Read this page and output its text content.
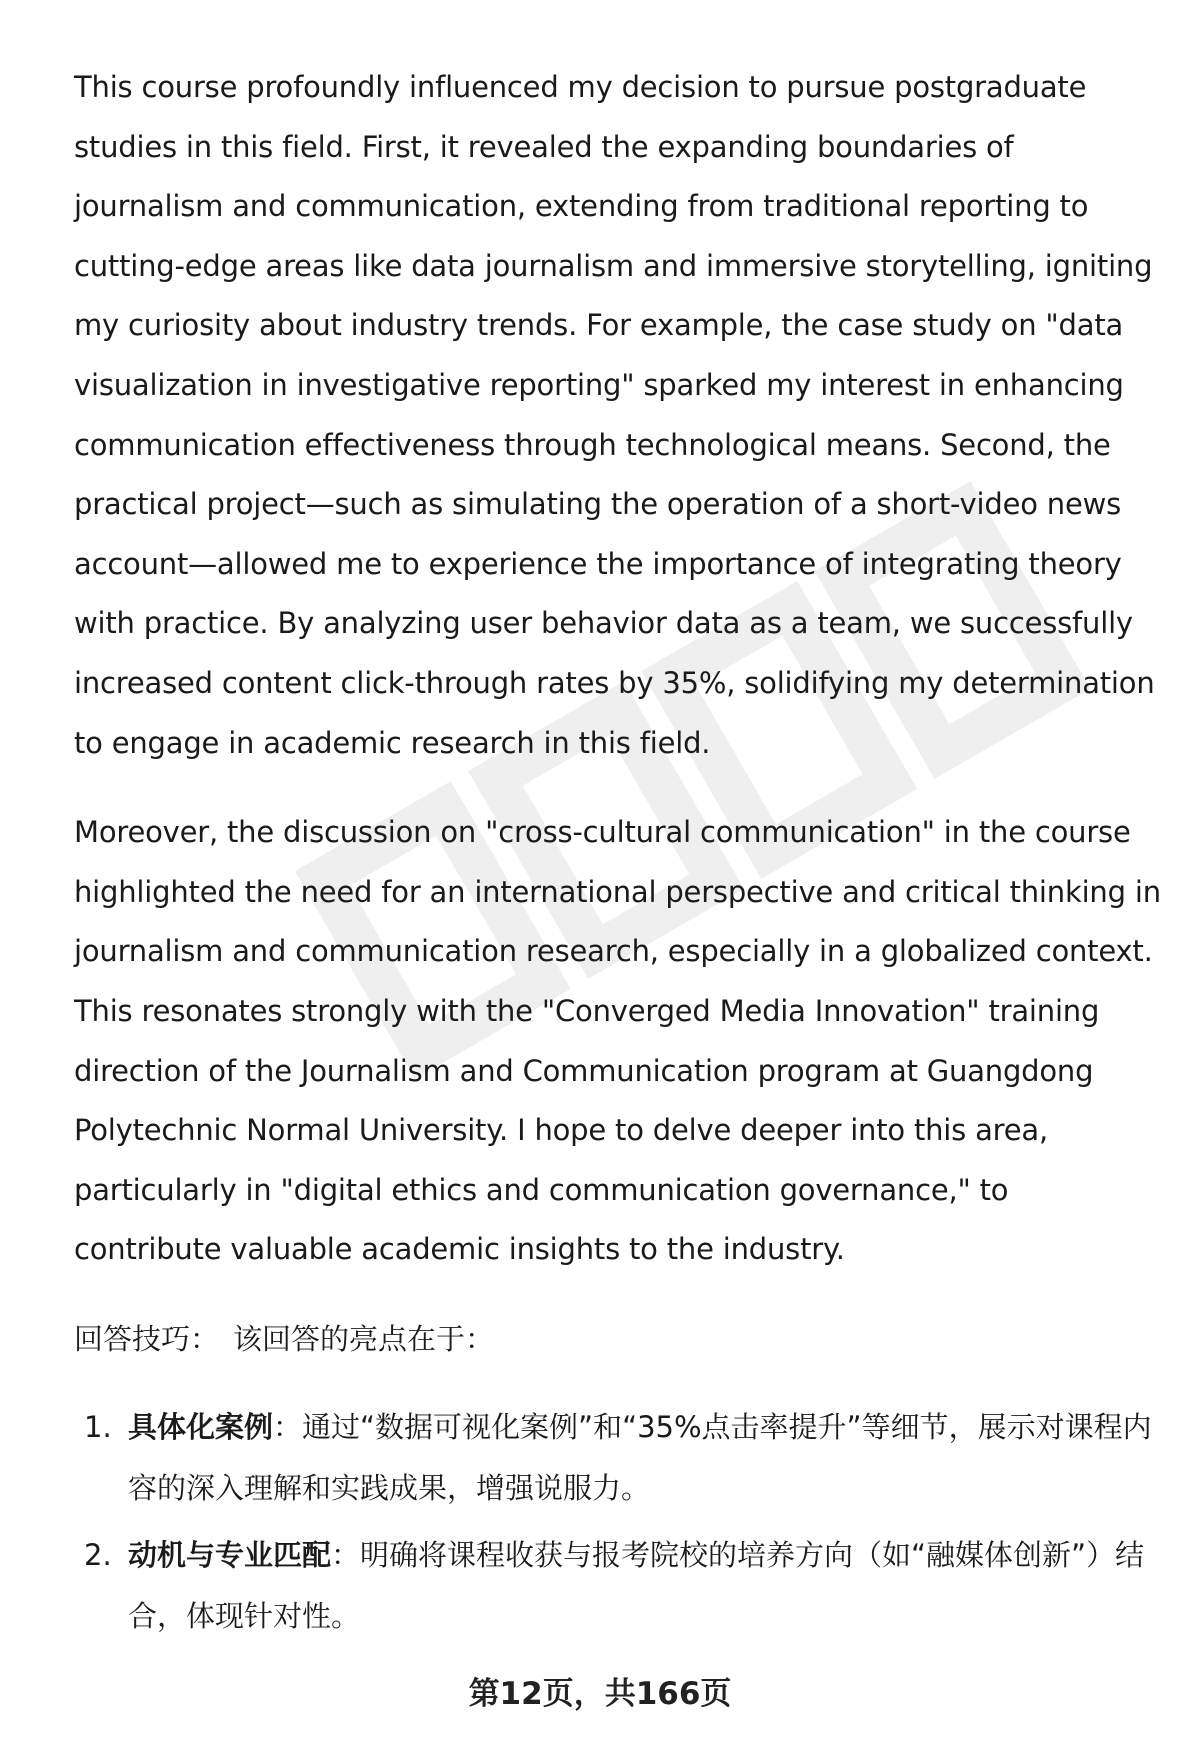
This course profoundly influenced my decision to pursue postgraduate studies in this field. First, it revealed the expanding boundaries of journalism and communication, extending from traditional reporting to cutting-edge areas like data journalism and immersive storytelling, igniting my curiosity about industry trends. For example, the case study on "data visualization in investigative reporting" sparked my interest in enhancing communication effectiveness through technological means. Second, the practical project—such as simulating the operation of a short-video news account—allowed me to experience the importance of integrating theory with practice. By analyzing user behavior data as a team, we successfully increased content click-through rates by 35%, solidifying my determination to engage in academic research in this field.

Moreover, the discussion on "cross-cultural communication" in the course highlighted the need for an international perspective and critical thinking in journalism and communication research, especially in a globalized context. This resonates strongly with the "Converged Media Innovation" training direction of the Journalism and Communication program at Guangdong Polytechnic Normal University. I hope to delve deeper into this area, particularly in "digital ethics and communication governance," to contribute valuable academic insights to the industry.

回答技巧： 该回答的亮点在于：
1. 具体化案例：通过“数据可视化案例”和“35%点击率提升”等细节，展示对课程内容的深入理解和实践成果，增强说服力。
2. 动机与专业匹配：明确将课程收获与报考院校的培养方向（如“融媒体创新”）结合，体现针对性。
第12页，共166页
